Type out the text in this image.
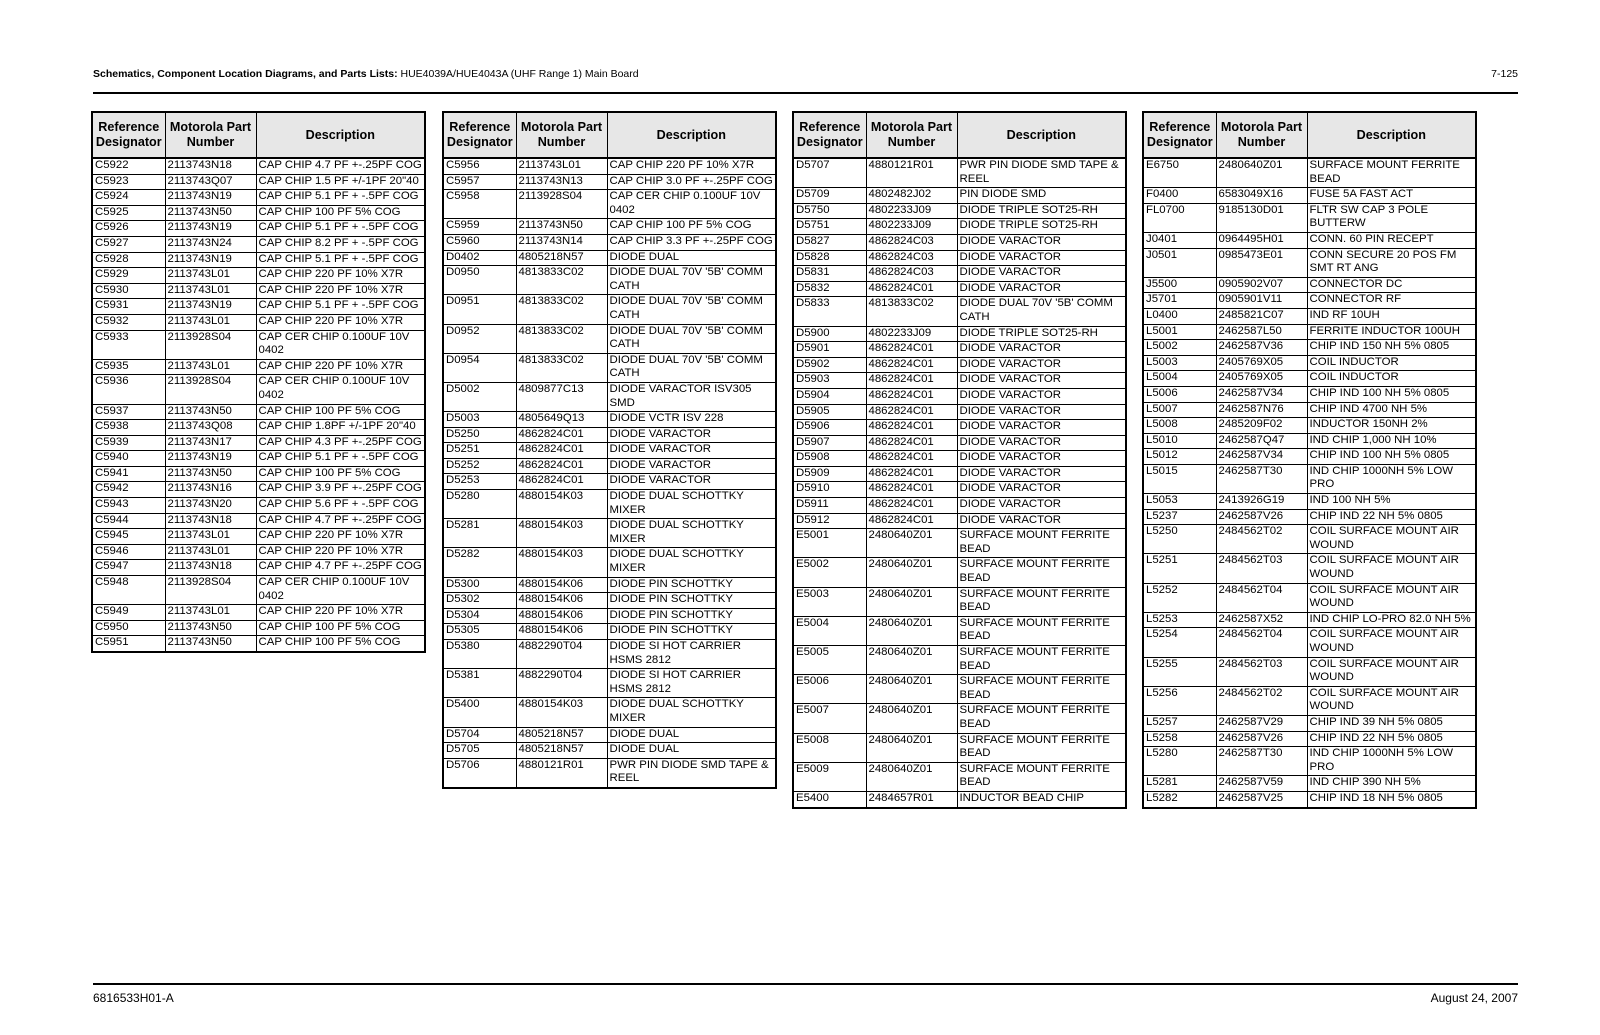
Schematics, Component Location Diagrams, and Parts Lists: HUE4039A/HUE4043A (UHF Range 1) Main Board	7-125
Reference Designator	Motorola Part Number	Description
C5922	2113743N18	CAP CHIP 4.7 PF +-.25PF COG
C5923	2113743Q07	CAP CHIP 1.5 PF +/-1PF 20"40
C5924	2113743N19	CAP CHIP 5.1 PF + -.5PF COG
C5925	2113743N50	CAP CHIP 100 PF 5% COG
C5926	2113743N19	CAP CHIP 5.1 PF + -.5PF COG
C5927	2113743N24	CAP CHIP 8.2 PF + -.5PF COG
C5928	2113743N19	CAP CHIP 5.1 PF + -.5PF COG
C5929	2113743L01	CAP CHIP 220 PF 10% X7R
C5930	2113743L01	CAP CHIP 220 PF 10% X7R
C5931	2113743N19	CAP CHIP 5.1 PF + -.5PF COG
C5932	2113743L01	CAP CHIP 220 PF 10% X7R
C5933	2113928S04	CAP CER CHIP 0.100UF 10V 0402
C5935	2113743L01	CAP CHIP 220 PF 10% X7R
C5936	2113928S04	CAP CER CHIP 0.100UF 10V 0402
C5937	2113743N50	CAP CHIP 100 PF 5% COG
C5938	2113743Q08	CAP CHIP 1.8PF +/-1PF 20"40
C5939	2113743N17	CAP CHIP 4.3 PF +-.25PF COG
C5940	2113743N19	CAP CHIP 5.1 PF + -.5PF COG
C5941	2113743N50	CAP CHIP 100 PF 5% COG
C5942	2113743N16	CAP CHIP 3.9 PF +-.25PF COG
C5943	2113743N20	CAP CHIP 5.6 PF + -.5PF COG
C5944	2113743N18	CAP CHIP 4.7 PF +-.25PF COG
C5945	2113743L01	CAP CHIP 220 PF 10% X7R
C5946	2113743L01	CAP CHIP 220 PF 10% X7R
C5947	2113743N18	CAP CHIP 4.7 PF +-.25PF COG
C5948	2113928S04	CAP CER CHIP 0.100UF 10V 0402
C5949	2113743L01	CAP CHIP 220 PF 10% X7R
C5950	2113743N50	CAP CHIP 100 PF 5% COG
C5951	2113743N50	CAP CHIP 100 PF 5% COG
Reference Designator	Motorola Part Number	Description
C5956	2113743L01	CAP CHIP 220 PF 10% X7R
C5957	2113743N13	CAP CHIP 3.0 PF +-.25PF COG
C5958	2113928S04	CAP CER CHIP 0.100UF 10V 0402
C5959	2113743N50	CAP CHIP 100 PF 5% COG
C5960	2113743N14	CAP CHIP 3.3 PF +-.25PF COG
D0402	4805218N57	DIODE DUAL
D0950	4813833C02	DIODE DUAL 70V '5B' COMM CATH
D0951	4813833C02	DIODE DUAL 70V '5B' COMM CATH
D0952	4813833C02	DIODE DUAL 70V '5B' COMM CATH
D0954	4813833C02	DIODE DUAL 70V '5B' COMM CATH
D5002	4809877C13	DIODE VARACTOR ISV305 SMD
D5003	4805649Q13	DIODE VCTR ISV 228
D5250	4862824C01	DIODE VARACTOR
D5251	4862824C01	DIODE VARACTOR
D5252	4862824C01	DIODE VARACTOR
D5253	4862824C01	DIODE VARACTOR
D5280	4880154K03	DIODE DUAL SCHOTTKY MIXER
D5281	4880154K03	DIODE DUAL SCHOTTKY MIXER
D5282	4880154K03	DIODE DUAL SCHOTTKY MIXER
D5300	4880154K06	DIODE PIN SCHOTTKY
D5302	4880154K06	DIODE PIN SCHOTTKY
D5304	4880154K06	DIODE PIN SCHOTTKY
D5305	4880154K06	DIODE PIN SCHOTTKY
D5380	4882290T04	DIODE SI HOT CARRIER HSMS 2812
D5381	4882290T04	DIODE SI HOT CARRIER HSMS 2812
D5400	4880154K03	DIODE DUAL SCHOTTKY MIXER
D5704	4805218N57	DIODE DUAL
D5705	4805218N57	DIODE DUAL
D5706	4880121R01	PWR PIN DIODE SMD TAPE & REEL
Reference Designator	Motorola Part Number	Description
D5707	4880121R01	PWR PIN DIODE SMD TAPE & REEL
D5709	4802482J02	PIN DIODE SMD
D5750	4802233J09	DIODE TRIPLE SOT25-RH
D5751	4802233J09	DIODE TRIPLE SOT25-RH
D5827	4862824C03	DIODE VARACTOR
D5828	4862824C03	DIODE VARACTOR
D5831	4862824C03	DIODE VARACTOR
D5832	4862824C01	DIODE VARACTOR
D5833	4813833C02	DIODE DUAL 70V '5B' COMM CATH
D5900	4802233J09	DIODE TRIPLE SOT25-RH
D5901	4862824C01	DIODE VARACTOR
D5902	4862824C01	DIODE VARACTOR
D5903	4862824C01	DIODE VARACTOR
D5904	4862824C01	DIODE VARACTOR
D5905	4862824C01	DIODE VARACTOR
D5906	4862824C01	DIODE VARACTOR
D5907	4862824C01	DIODE VARACTOR
D5908	4862824C01	DIODE VARACTOR
D5909	4862824C01	DIODE VARACTOR
D5910	4862824C01	DIODE VARACTOR
D5911	4862824C01	DIODE VARACTOR
D5912	4862824C01	DIODE VARACTOR
E5001	2480640Z01	SURFACE MOUNT FERRITE BEAD
E5002	2480640Z01	SURFACE MOUNT FERRITE BEAD
E5003	2480640Z01	SURFACE MOUNT FERRITE BEAD
E5004	2480640Z01	SURFACE MOUNT FERRITE BEAD
E5005	2480640Z01	SURFACE MOUNT FERRITE BEAD
E5006	2480640Z01	SURFACE MOUNT FERRITE BEAD
E5007	2480640Z01	SURFACE MOUNT FERRITE BEAD
E5008	2480640Z01	SURFACE MOUNT FERRITE BEAD
E5009	2480640Z01	SURFACE MOUNT FERRITE BEAD
E5400	2484657R01	INDUCTOR BEAD CHIP
Reference Designator	Motorola Part Number	Description
E6750	2480640Z01	SURFACE MOUNT FERRITE BEAD
F0400	6583049X16	FUSE 5A FAST ACT
FL0700	9185130D01	FLTR SW CAP 3 POLE BUTTERW
J0401	0964495H01	CONN. 60 PIN RECEPT
J0501	0985473E01	CONN SECURE 20 POS FM SMT RT ANG
J5500	0905902V07	CONNECTOR DC
J5701	0905901V11	CONNECTOR RF
L0400	2485821C07	IND RF 10UH
L5001	2462587L50	FERRITE INDUCTOR 100UH
L5002	2462587V36	CHIP IND 150 NH 5% 0805
L5003	2405769X05	COIL INDUCTOR
L5004	2405769X05	COIL INDUCTOR
L5006	2462587V34	CHIP IND 100 NH 5% 0805
L5007	2462587N76	CHIP IND 4700 NH 5%
L5008	2485209F02	INDUCTOR 150NH 2%
L5010	2462587Q47	IND CHIP 1,000 NH 10%
L5012	2462587V34	CHIP IND 100 NH 5% 0805
L5015	2462587T30	IND CHIP 1000NH 5% LOW PRO
L5053	2413926G19	IND 100 NH 5%
L5237	2462587V26	CHIP IND 22 NH 5% 0805
L5250	2484562T02	COIL SURFACE MOUNT AIR WOUND
L5251	2484562T03	COIL SURFACE MOUNT AIR WOUND
L5252	2484562T04	COIL SURFACE MOUNT AIR WOUND
L5253	2462587X52	IND CHIP LO-PRO 82.0 NH 5%
L5254	2484562T04	COIL SURFACE MOUNT AIR WOUND
L5255	2484562T03	COIL SURFACE MOUNT AIR WOUND
L5256	2484562T02	COIL SURFACE MOUNT AIR WOUND
L5257	2462587V29	CHIP IND 39 NH 5% 0805
L5258	2462587V26	CHIP IND 22 NH 5% 0805
L5280	2462587T30	IND CHIP 1000NH 5% LOW PRO
L5281	2462587V59	IND CHIP 390 NH 5%
L5282	2462587V25	CHIP IND 18 NH 5% 0805
6816533H01-A	August 24, 2007
